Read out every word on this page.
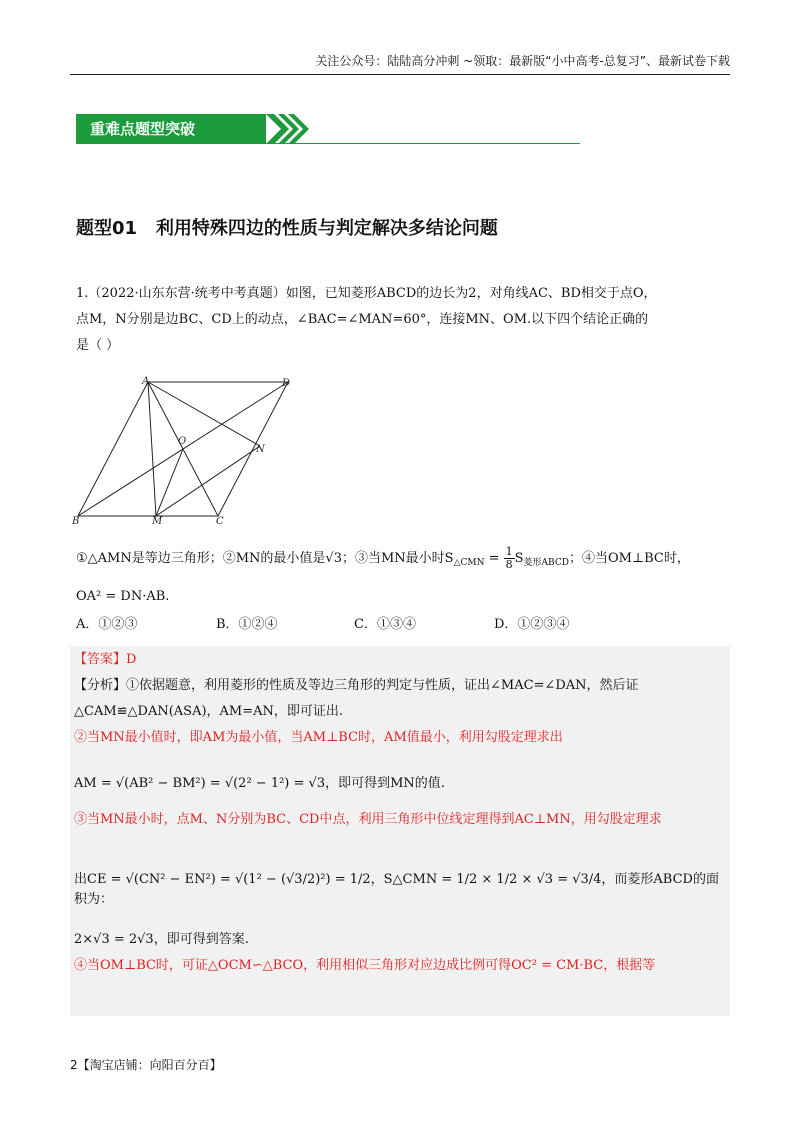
关注公众号：陆陆高分冲刺 ~领取：最新版“小中高考-总复习”、最新试卷下载
重难点题型突破
题型01   利用特殊四边的性质与判定解决多结论问题
1.（2022·山东东营·统考中考真题）如图，已知菱形ABCD的边长为2，对角线AC、BD相交于点O，
点M，N分别是边BC、CD上的动点，∠BAC=∠MAN=60°，连接MN、OM.以下四个结论正确的
是（ ）
A	D
O
N
B	M	C
①△AMN是等边三角形；②MN的最小值是√3；③当MN最小时$S_{\triangle CMN} = \frac{1}{8} S_{菱形ABCD}$；④当OM⊥BC时，
OA² = DN·AB.
A．①②③	B．①②④	C．①③④	D．①②③④
【答案】D
【分析】①依据题意，利用菱形的性质及等边三角形的判定与性质，证出∠MAC=∠DAN，然后证
△CAM≌△DAN(ASA)，AM=AN，即可证出.
②当MN最小值时，即AM为最小值，当AM⊥BC时，AM值最小，利用勾股定理求出
AM = √(AB² − BM²) = √(2² − 1²) = √3，即可得到MN的值.
③当MN最小时，点M、N分别为BC、CD中点，利用三角形中位线定理得到AC⊥MN，用勾股定理求
出CE = √(CN² − EN²) = √(1² − (√3/2)²) = 1/2，S△CMN = 1/2 × 1/2 × √3 = √3/4，而菱形ABCD的面积为：
2×√3 = 2√3，即可得到答案.
④当OM⊥BC时，可证△OCM∽△BCO，利用相似三角形对应边成比例可得OC² = CM·BC，根据等
2【淘宝店铺：向阳百分百】
